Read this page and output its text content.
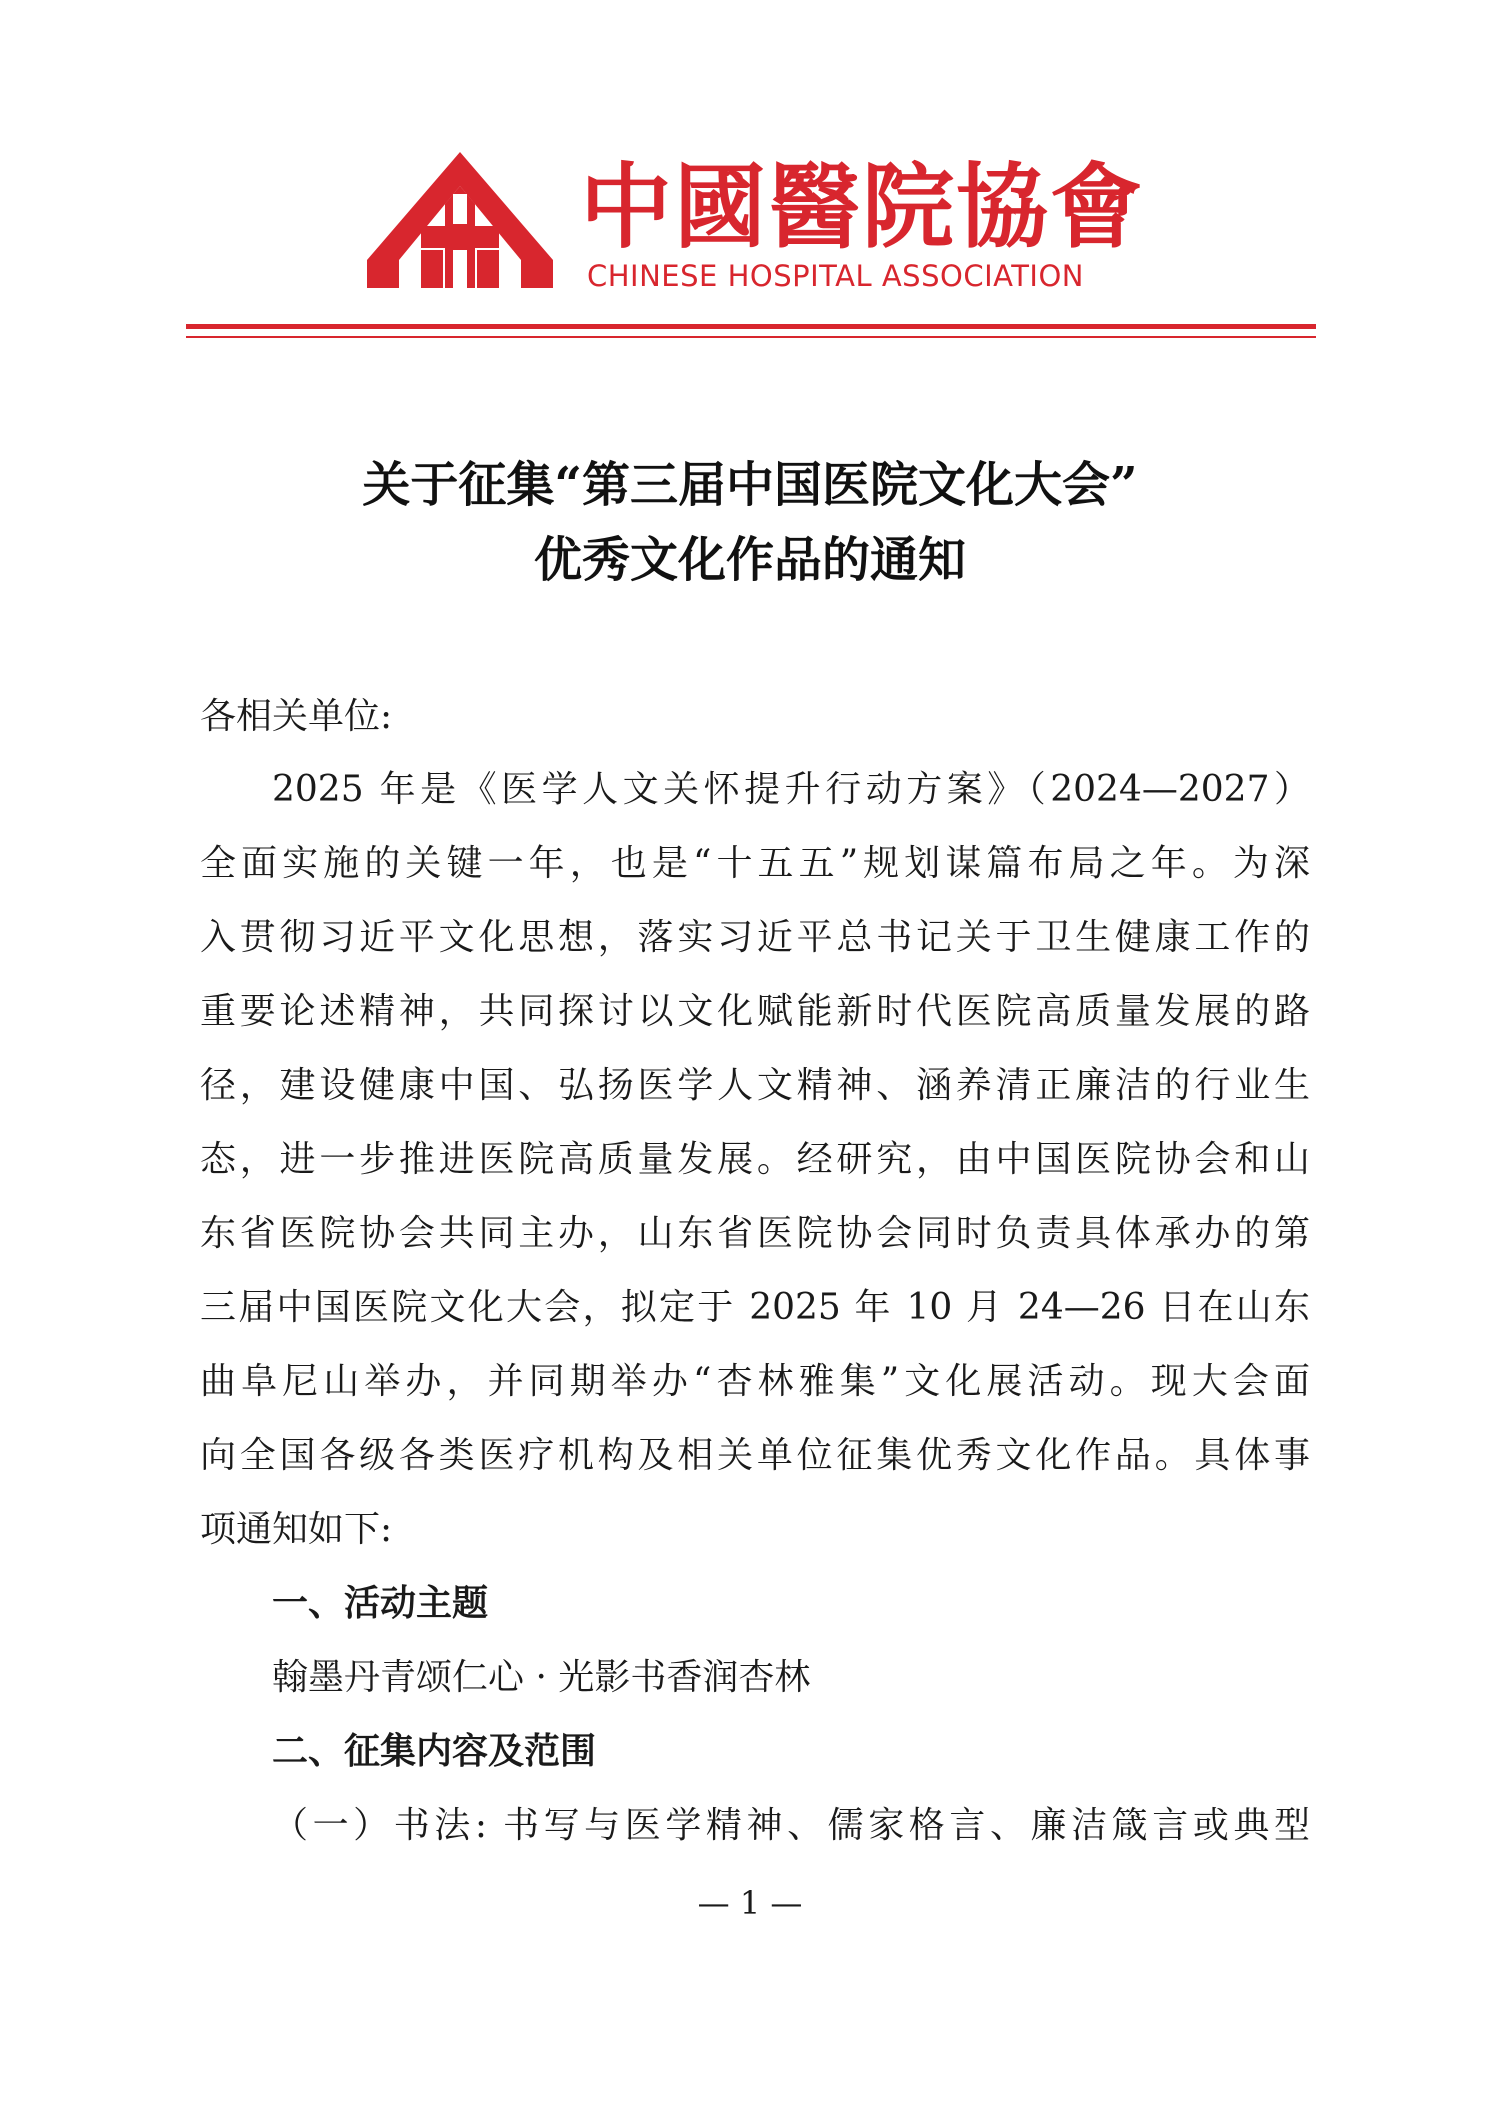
中國醫院協會
CHINESE HOSPITAL ASSOCIATION
关于征集“第三届中国医院文化大会”
优秀文化作品的通知
各相关单位:
2025 年是《医学人文关怀提升行动方案》（2024—2027）
全面实施的关键一年，也是“十五五”规划谋篇布局之年。为深
入贯彻习近平文化思想，落实习近平总书记关于卫生健康工作的
重要论述精神，共同探讨以文化赋能新时代医院高质量发展的路
径，建设健康中国、弘扬医学人文精神、涵养清正廉洁的行业生
态，进一步推进医院高质量发展。经研究，由中国医院协会和山
东省医院协会共同主办，山东省医院协会同时负责具体承办的第
三届中国医院文化大会，拟定于 2025 年 10 月 24—26 日在山东
曲阜尼山举办，并同期举办“杏林雅集”文化展活动。现大会面
向全国各级各类医疗机构及相关单位征集优秀文化作品。具体事
项通知如下:
一、活动主题
翰墨丹青颂仁心 · 光影书香润杏林
二、征集内容及范围
（一）书法: 书写与医学精神、儒家格言、廉洁箴言或典型
— 1 —
